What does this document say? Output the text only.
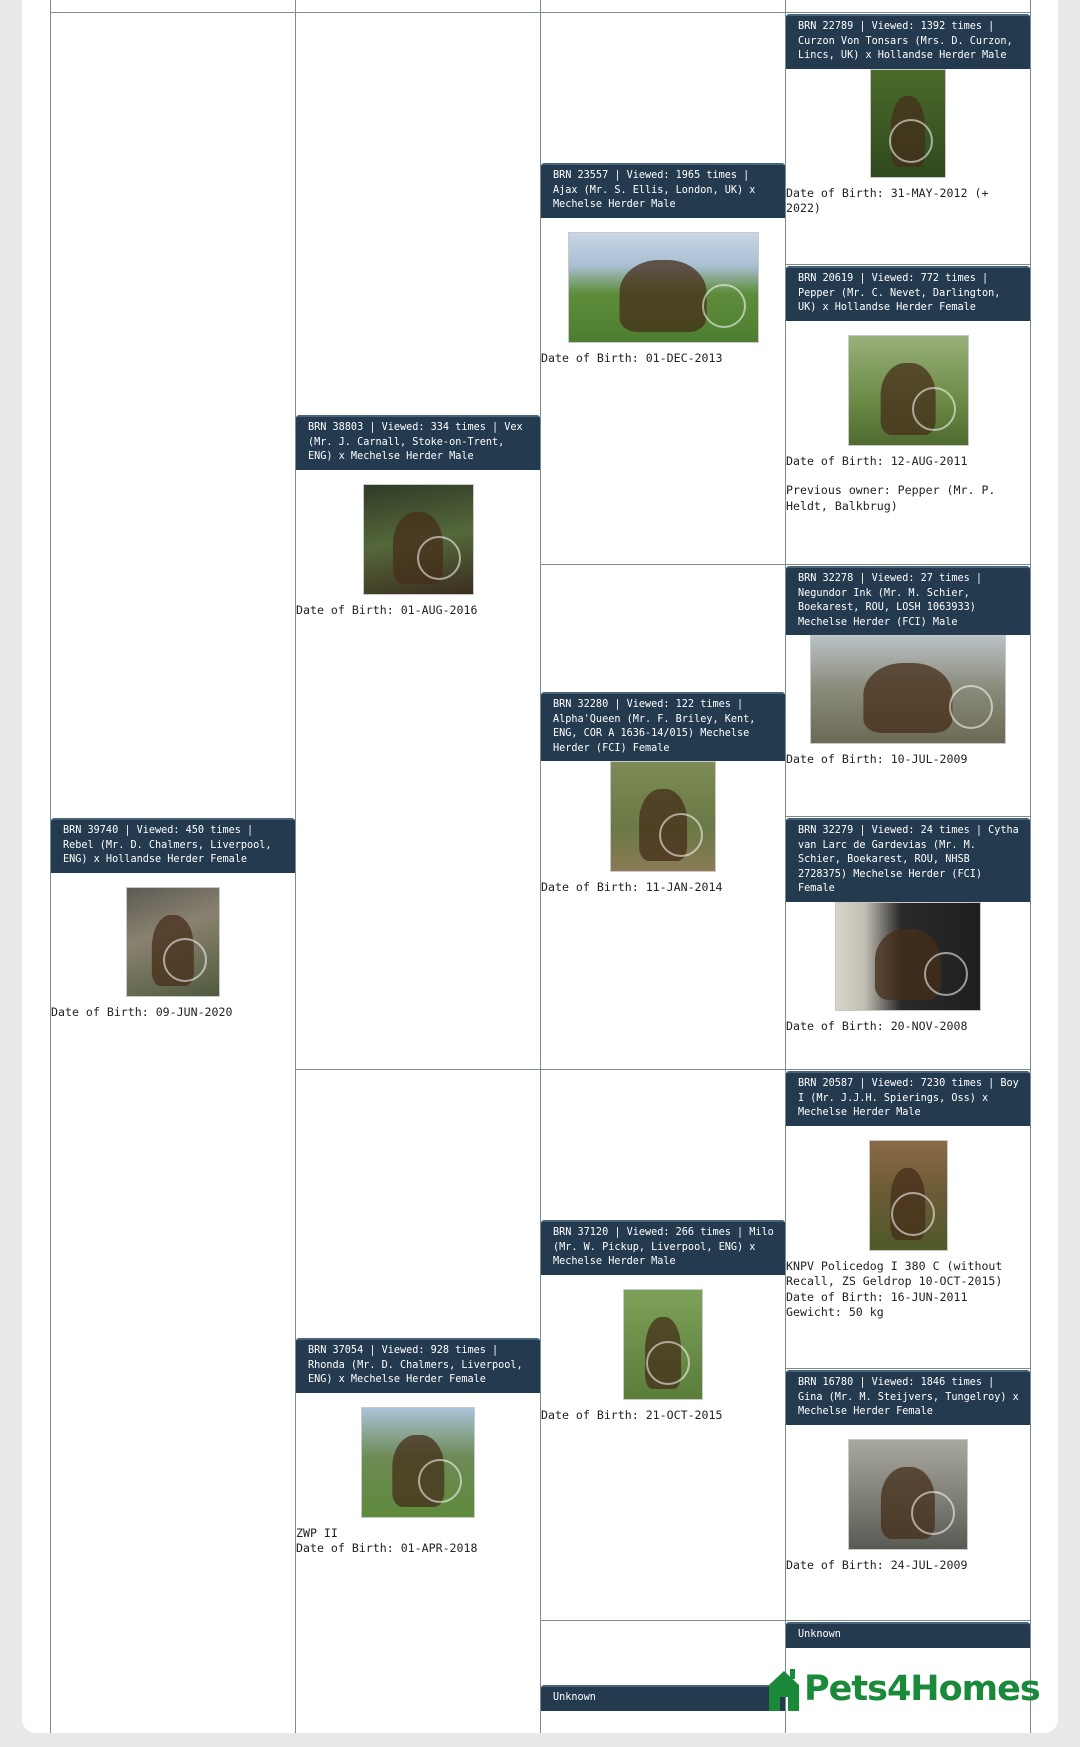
BRN 39740 | Viewed: 450 times | Rebel (Mr. D. Chalmers, Liverpool, ENG) x Hollandse Herder Female

Date of Birth: 09-JUN-2020

BRN 38803 | Viewed: 334 times | Vex (Mr. J. Carnall, Stoke-on-Trent, ENG) x Mechelse Herder Male

Date of Birth: 01-AUG-2016

BRN 37054 | Viewed: 928 times | Rhonda (Mr. D. Chalmers, Liverpool, ENG) x Mechelse Herder Female

ZWP II

Date of Birth: 01-APR-2018

BRN 23557 | Viewed: 1965 times | Ajax (Mr. S. Ellis, London, UK) x Mechelse Herder Male

Date of Birth: 01-DEC-2013

BRN 32280 | Viewed: 122 times | Alpha'Queen (Mr. F. Briley, Kent, ENG, COR A 1636-14/015) Mechelse Herder (FCI) Female

Date of Birth: 11-JAN-2014

BRN 37120 | Viewed: 266 times | Milo (Mr. W. Pickup, Liverpool, ENG) x Mechelse Herder Male

Date of Birth: 21-OCT-2015

Unknown
BRN 22789 | Viewed: 1392 times | Curzon Von Tonsars (Mrs. D. Curzon, Lincs, UK) x Hollandse Herder Male

Date of Birth: 31-MAY-2012 (+ 2022)

BRN 20619 | Viewed: 772 times | Pepper (Mr. C. Nevet, Darlington, UK) x Hollandse Herder Female

Date of Birth: 12-AUG-2011

Previous owner: Pepper (Mr. P. Heldt, Balkbrug)

BRN 32278 | Viewed: 27 times | Negundor Ink (Mr. M. Schier, Boekarest, ROU, LOSH 1063933) Mechelse Herder (FCI) Male

Date of Birth: 10-JUL-2009

BRN 32279 | Viewed: 24 times | Cytha van Larc de Gardevias (Mr. M. Schier, Boekarest, ROU, NHSB 2728375) Mechelse Herder (FCI) Female

Date of Birth: 20-NOV-2008

BRN 20587 | Viewed: 7230 times | Boy I (Mr. J.J.H. Spierings, Oss) x Mechelse Herder Male

KNPV Policedog I 380 C (without Recall, ZS Geldrop 10-OCT-2015)

Date of Birth: 16-JUN-2011

Gewicht: 50 kg

BRN 16780 | Viewed: 1846 times | Gina (Mr. M. Steijvers, Tungelroy) x Mechelse Herder Female

Date of Birth: 24-JUL-2009

Unknown
Pets4Homes
